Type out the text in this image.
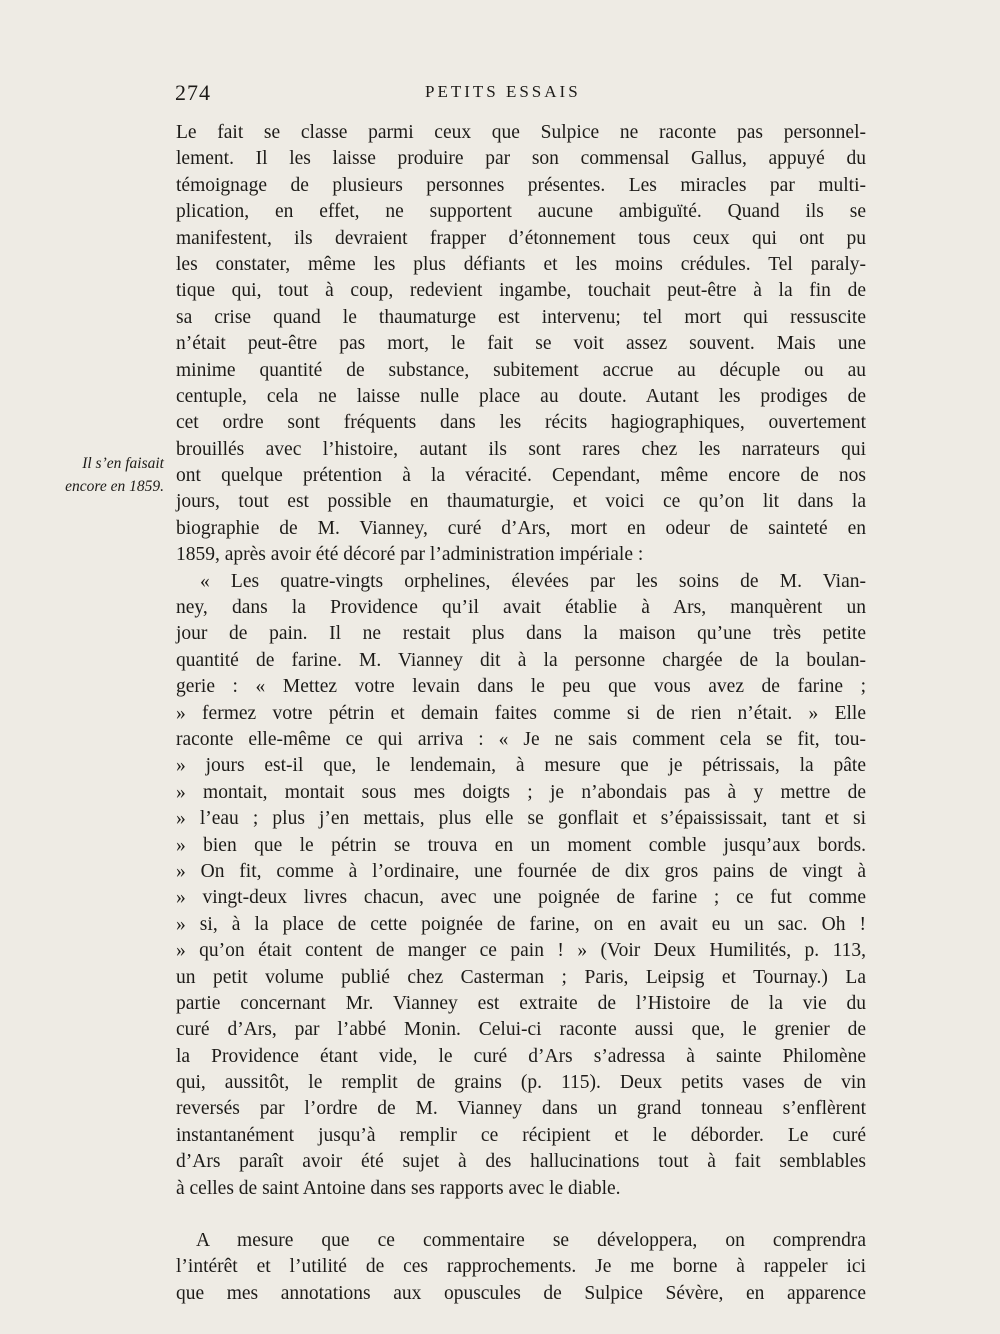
274	PETITS ESSAIS
Il s’en faisait
encore en 1859.
Le fait se classe parmi ceux que Sulpice ne raconte pas personnel-
lement. Il les laisse produire par son commensal Gallus, appuyé du
témoignage de plusieurs personnes présentes. Les miracles par multi-
plication, en effet, ne supportent aucune ambiguïté. Quand ils se
manifestent, ils devraient frapper d’étonnement tous ceux qui ont pu
les constater, même les plus défiants et les moins crédules. Tel paraly-
tique qui, tout à coup, redevient ingambe, touchait peut-être à la fin de
sa crise quand le thaumaturge est intervenu; tel mort qui ressuscite
n’était peut-être pas mort, le fait se voit assez souvent. Mais une
minime quantité de substance, subitement accrue au décuple ou au
centuple, cela ne laisse nulle place au doute. Autant les prodiges de
cet ordre sont fréquents dans les récits hagiographiques, ouvertement
brouillés avec l’histoire, autant ils sont rares chez les narrateurs qui
ont quelque prétention à la véracité. Cependant, même encore de nos
jours, tout est possible en thaumaturgie, et voici ce qu’on lit dans la
biographie de M. Vianney, curé d’Ars, mort en odeur de sainteté en
1859, après avoir été décoré par l’administration impériale :
« Les quatre-vingts orphelines, élevées par les soins de M. Vian-
ney, dans la Providence qu’il avait établie à Ars, manquèrent un
jour de pain. Il ne restait plus dans la maison qu’une très petite
quantité de farine. M. Vianney dit à la personne chargée de la boulan-
gerie : « Mettez votre levain dans le peu que vous avez de farine ;
» fermez votre pétrin et demain faites comme si de rien n’était. » Elle
raconte elle-même ce qui arriva : « Je ne sais comment cela se fit, tou-
» jours est-il que, le lendemain, à mesure que je pétrissais, la pâte
» montait, montait sous mes doigts ; je n’abondais pas à y mettre de
» l’eau ; plus j’en mettais, plus elle se gonflait et s’épaississait, tant et si
» bien que le pétrin se trouva en un moment comble jusqu’aux bords.
» On fit, comme à l’ordinaire, une fournée de dix gros pains de vingt à
» vingt-deux livres chacun, avec une poignée de farine ; ce fut comme
» si, à la place de cette poignée de farine, on en avait eu un sac. Oh !
» qu’on était content de manger ce pain ! » (Voir Deux Humilités, p. 113,
un petit volume publié chez Casterman ; Paris, Leipsig et Tournay.) La
partie concernant Mr. Vianney est extraite de l’Histoire de la vie du
curé d’Ars, par l’abbé Monin. Celui-ci raconte aussi que, le grenier de
la Providence étant vide, le curé d’Ars s’adressa à sainte Philomène
qui, aussitôt, le remplit de grains (p. 115). Deux petits vases de vin
reversés par l’ordre de M. Vianney dans un grand tonneau s’enflèrent
instantanément jusqu’à remplir ce récipient et le déborder. Le curé
d’Ars paraît avoir été sujet à des hallucinations tout à fait semblables
à celles de saint Antoine dans ses rapports avec le diable.
A mesure que ce commentaire se développera, on comprendra
l’intérêt et l’utilité de ces rapprochements. Je me borne à rappeler ici
que mes annotations aux opuscules de Sulpice Sévère, en apparence
